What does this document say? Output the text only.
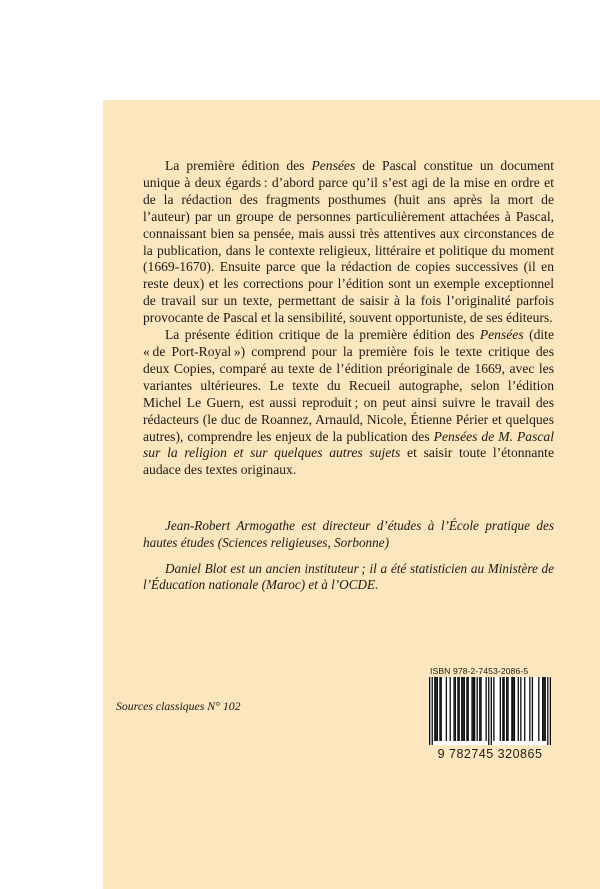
La première édition des Pensées de Pascal constitue un document unique à deux égards : d’abord parce qu’il s’est agi de la mise en ordre et de la rédaction des fragments posthumes (huit ans après la mort de l’auteur) par un groupe de personnes particulièrement attachées à Pascal, connaissant bien sa pensée, mais aussi très attentives aux circonstances de la publication, dans le contexte religieux, littéraire et politique du moment (1669-1670). Ensuite parce que la rédaction de copies successives (il en reste deux) et les corrections pour l’édition sont un exemple exceptionnel de travail sur un texte, permettant de saisir à la fois l’originalité parfois provocante de Pascal et la sensibilité, souvent opportuniste, de ses éditeurs.

La présente édition critique de la première édition des Pensées (dite « de Port-Royal ») comprend pour la première fois le texte critique des deux Copies, comparé au texte de l’édition préoriginale de 1669, avec les variantes ultérieures. Le texte du Recueil autographe, selon l’édition Michel Le Guern, est aussi reproduit ; on peut ainsi suivre le travail des rédacteurs (le duc de Roannez, Arnauld, Nicole, Étienne Périer et quelques autres), comprendre les enjeux de la publication des Pensées de M. Pascal sur la religion et sur quelques autres sujets et saisir toute l’étonnante audace des textes originaux.

Jean-Robert Armogathe est directeur d’études à l’École pratique des hautes études (Sciences religieuses, Sorbonne)

Daniel Blot est un ancien instituteur ; il a été statisticien au Ministère de l’Éducation nationale (Maroc) et à l’OCDE.

Sources classiques N° 102
ISBN 978-2-7453-2086-5
9 782745 320865
